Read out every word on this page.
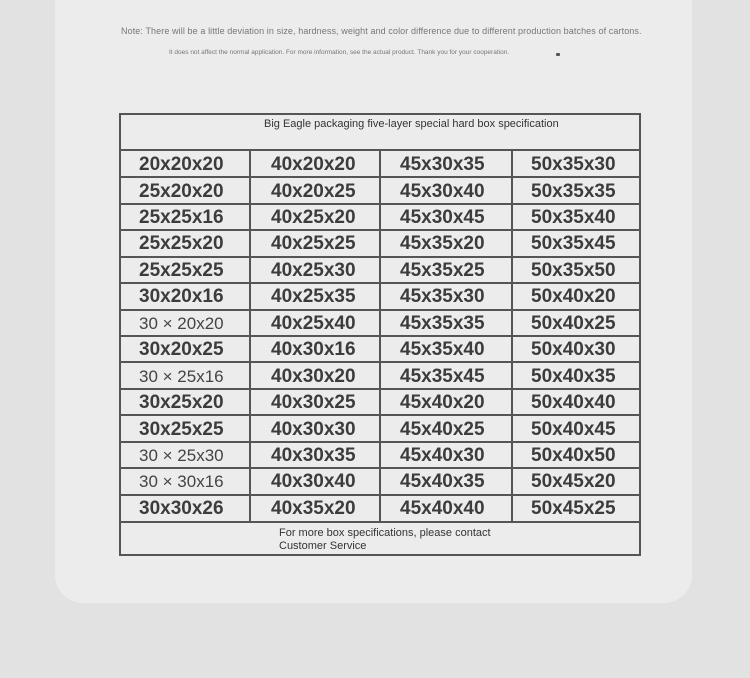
Note: There will be a little deviation in size, hardness, weight and color difference due to different production batches of cartons.
It does not affect the normal application. For more information, see the actual product. Thank you for your cooperation.
Big Eagle packaging five-layer special hard box specification
20x20x20
25x20x20
25x25x16
25x25x20
25x25x25
30x20x16
30 × 20x20
30x20x25
30 × 25x16
30x25x20
30x25x25
30 × 25x30
30 × 30x16
30x30x26
40x20x20
40x20x25
40x25x20
40x25x25
40x25x30
40x25x35
40x25x40
40x30x16
40x30x20
40x30x25
40x30x30
40x30x35
40x30x40
40x35x20
45x30x35
45x30x40
45x30x45
45x35x20
45x35x25
45x35x30
45x35x35
45x35x40
45x35x45
45x40x20
45x40x25
45x40x30
45x40x35
45x40x40
50x35x30
50x35x35
50x35x40
50x35x45
50x35x50
50x40x20
50x40x25
50x40x30
50x40x35
50x40x40
50x40x45
50x40x50
50x45x20
50x45x25
For more box specifications, please contact
Customer Service
